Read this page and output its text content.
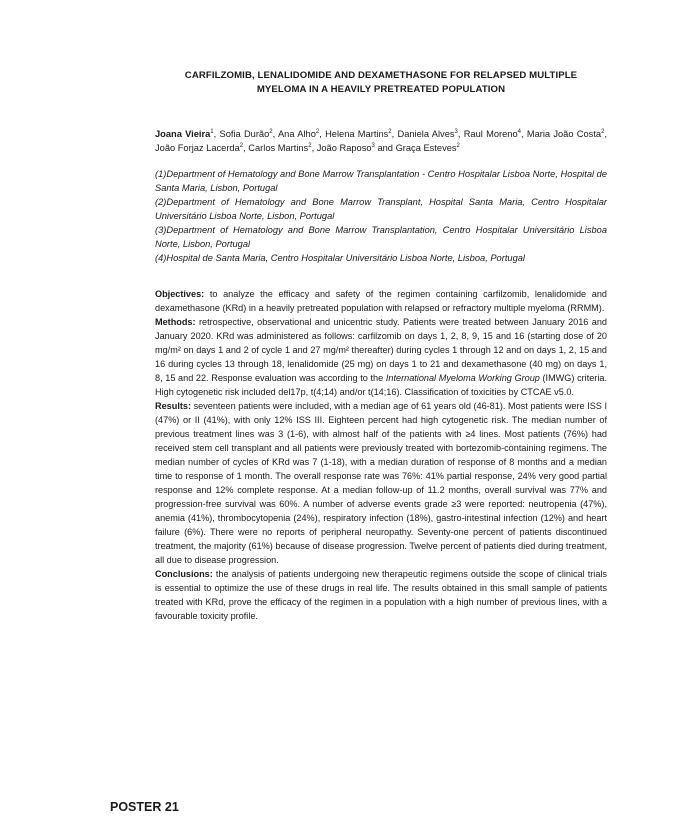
CARFILZOMIB, LENALIDOMIDE AND DEXAMETHASONE FOR RELAPSED MULTIPLE
MYELOMA IN A HEAVILY PRETREATED POPULATION
Joana Vieira$^1$, Sofia Durão$^2$, Ana Alho$^2$, Helena Martins$^2$, Daniela Alves$^3$, Raul Moreno$^4$, Maria João Costa$^2$, João Forjaz Lacerda$^2$, Carlos Martins$^2$, João Raposo$^3$ and Graça Esteves$^2$

(1)Department of Hematology and Bone Marrow Transplantation - Centro Hospitalar Lisboa Norte, Hospital de Santa Maria, Lisbon, Portugal

(2)Department of Hematology and Bone Marrow Transplant, Hospital Santa Maria, Centro Hospitalar Universitário Lisboa Norte, Lisbon, Portugal

(3)Department of Hematology and Bone Marrow Transplantation, Centro Hospitalar Universitário Lisboa Norte, Lisbon, Portugal

(4)Hospital de Santa Maria, Centro Hospitalar Universitário Lisboa Norte, Lisboa, Portugal

Objectives: to analyze the efficacy and safety of the regimen containing carfilzomib, lenalidomide and dexamethasone (KRd) in a heavily pretreated population with relapsed or refractory multiple myeloma (RRMM).

Methods: retrospective, observational and unicentric study. Patients were treated between January 2016 and January 2020. KRd was administered as follows: carfilzomib on days 1, 2, 8, 9, 15 and 16 (starting dose of 20 mg/m² on days 1 and 2 of cycle 1 and 27 mg/m² thereafter) during cycles 1 through 12 and on days 1, 2, 15 and 16 during cycles 13 through 18, lenalidomide (25 mg) on days 1 to 21 and dexamethasone (40 mg) on days 1, 8, 15 and 22. Response evaluation was according to the International Myeloma Working Group (IMWG) criteria. High cytogenetic risk included del17p, t(4;14) and/or t(14;16). Classification of toxicities by CTCAE v5.0.

Results: seventeen patients were included, with a median age of 61 years old (46-81). Most patients were ISS I (47%) or II (41%), with only 12% ISS III. Eighteen percent had high cytogenetic risk. The median number of previous treatment lines was 3 (1-6), with almost half of the patients with ≥4 lines. Most patients (76%) had received stem cell transplant and all patients were previously treated with bortezomib-containing regimens. The median number of cycles of KRd was 7 (1-18), with a median duration of response of 8 months and a median time to response of 1 month. The overall response rate was 76%: 41% partial response, 24% very good partial response and 12% complete response. At a median follow-up of 11.2 months, overall survival was 77% and progression-free survival was 60%. A number of adverse events grade ≥3 were reported: neutropenia (47%), anemia (41%), thrombocytopenia (24%), respiratory infection (18%), gastro-intestinal infection (12%) and heart failure (6%). There were no reports of peripheral neuropathy. Seventy-one percent of patients discontinued treatment, the majority (61%) because of disease progression. Twelve percent of patients died during treatment, all due to disease progression.

Conclusions: the analysis of patients undergoing new therapeutic regimens outside the scope of clinical trials is essential to optimize the use of these drugs in real life. The results obtained in this small sample of patients treated with KRd, prove the efficacy of the regimen in a population with a high number of previous lines, with a favourable toxicity profile.

POSTER 21
